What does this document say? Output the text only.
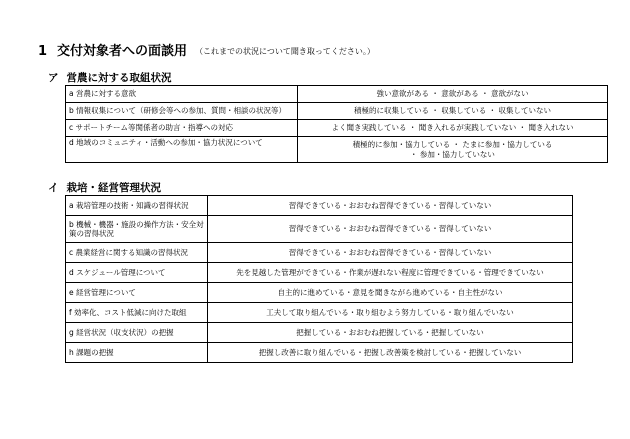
1 交付対象者への面談用 （これまでの状況について聞き取ってください。）
ア 営農に対する取組状況
a 営農に対する意欲	強い意欲がある ・ 意欲がある ・ 意欲がない
b 情報収集について（研修会等への参加、質問・相談の状況等）	積極的に収集している ・ 収集している ・ 収集していない
c サポートチーム等関係者の助言・指導への対応	よく聞き実践している ・ 聞き入れるが実践していない ・ 聞き入れない
d 地域のコミュニティ・活動への参加・協力状況について	積極的に参加・協力している ・ たまに参加・協力している
・ 参加・協力していない
イ 栽培・経営管理状況
a 栽培管理の技術・知識の習得状況	習得できている・おおむね習得できている・習得していない
b 機械・機器・施設の操作方法・安全対策の習得状況	習得できている・おおむね習得できている・習得していない
c 農業経営に関する知識の習得状況	習得できている・おおむね習得できている・習得していない
d スケジュール管理について	先を見越した管理ができている・作業が遅れない程度に管理できている・管理できていない
e 経営管理について	自主的に進めている・意見を聞きながら進めている・自主性がない
f 効率化、コスト低減に向けた取組	工夫して取り組んでいる・取り組むよう努力している・取り組んでいない
g 経営状況（収支状況）の把握	把握している・おおむね把握している・把握していない
h 課題の把握	把握し改善に取り組んでいる・把握し改善策を検討している・把握していない
